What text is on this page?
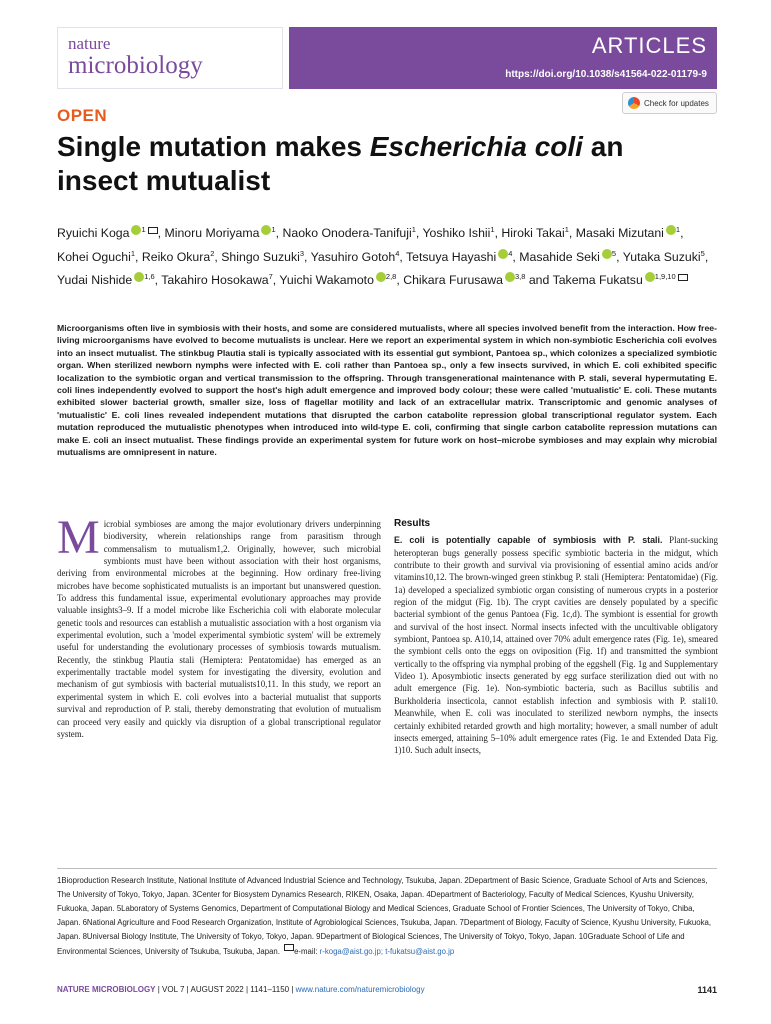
nature
microbiology
ARTICLES
https://doi.org/10.1038/s41564-022-01179-9
OPEN
Check for updates
Single mutation makes Escherichia coli an insect mutualist
Ryuichi Koga $^1$ , Minoru Moriyama $^1$, Naoko Onodera-Tanifuji$^1$, Yoshiko Ishii$^1$, Hiroki Takai$^1$, Masaki Mizutani $^1$, Kohei Oguchi$^1$, Reiko Okura$^2$, Shingo Suzuki$^3$, Yasuhiro Gotoh$^4$, Tetsuya Hayashi $^4$, Masahide Seki $^5$, Yutaka Suzuki$^5$, Yudai Nishide $^{1,6}$, Takahiro Hosokawa$^7$, Yuichi Wakamoto $^{2,8}$, Chikara Furusawa $^{3,8}$ and Takema Fukatsu $^{1,9,10}$
Microorganisms often live in symbiosis with their hosts, and some are considered mutualists, where all species involved benefit from the interaction. How free-living microorganisms have evolved to become mutualists is unclear. Here we report an experimental system in which non-symbiotic Escherichia coli evolves into an insect mutualist. The stinkbug Plautia stali is typically associated with its essential gut symbiont, Pantoea sp., which colonizes a specialized symbiotic organ. When sterilized newborn nymphs were infected with E. coli rather than Pantoea sp., only a few insects survived, in which E. coli exhibited specific localization to the symbiotic organ and vertical transmission to the offspring. Through transgenerational maintenance with P. stali, several hypermutating E. coli lines independently evolved to support the host's high adult emergence and improved body colour; these were called 'mutualistic' E. coli. These mutants exhibited slower bacterial growth, smaller size, loss of flagellar motility and lack of an extracellular matrix. Transcriptomic and genomic analyses of 'mutualistic' E. coli lines revealed independent mutations that disrupted the carbon catabolite repression global transcriptional regulator system. Each mutation reproduced the mutualistic phenotypes when introduced into wild-type E. coli, confirming that single carbon catabolite repression mutations can make E. coli an insect mutualist. These findings provide an experimental system for future work on host–microbe symbioses and may explain why microbial mutualisms are omnipresent in nature.
M icrobial symbioses are among the major evolutionary drivers underpinning biodiversity, wherein relationships range from parasitism through commensalism to mutualism1,2. Originally, however, such microbial symbionts must have been without association with their host organisms, deriving from environmental microbes at the beginning. How ordinary free-living microbes have become sophisticated mutualists is an important but unanswered question. To address this fundamental issue, experimental evolutionary approaches may provide valuable insights3–9. If a model microbe like Escherichia coli with elaborate molecular genetic tools and resources can establish a mutualistic association with a host organism via experimental evolution, such a 'model experimental symbiotic system' will be extremely useful for understanding the evolutionary processes of symbiosis towards mutualism. Recently, the stinkbug Plautia stali (Hemiptera: Pentatomidae) has emerged as an experimentally tractable model system for investigating the diversity, evolution and mechanism of gut symbiosis with bacterial mutualists10,11. In this study, we report an experimental system in which E. coli evolves into a bacterial mutualist that supports survival and reproduction of P. stali, thereby demonstrating that evolution of mutualism can proceed very easily and quickly via disruption of a global transcriptional regulator system.
Results
E. coli is potentially capable of symbiosis with P. stali. Plant-sucking heteropteran bugs generally possess specific symbiotic bacteria in the midgut, which contribute to their growth and survival via provisioning of essential amino acids and/or vitamins10,12. The brown-winged green stinkbug P. stali (Hemiptera: Pentatomidae) (Fig. 1a) developed a specialized symbiotic organ consisting of numerous crypts in a posterior region of the midgut (Fig. 1b). The crypt cavities are densely populated by a specific bacterial symbiont of the genus Pantoea (Fig. 1c,d). The symbiont is essential for growth and survival of the host insect. Normal insects infected with the uncultivable obligatory symbiont, Pantoea sp. A10,14, attained over 70% adult emergence rates (Fig. 1e), smeared the symbiont cells onto the eggs on oviposition (Fig. 1f) and transmitted the symbiont vertically to the offspring via nymphal probing of the eggshell (Fig. 1g and Supplementary Video 1). Aposymbiotic insects generated by egg surface sterilization died out with no adult emergence (Fig. 1e). Non-symbiotic bacteria, such as Bacillus subtilis and Burkholderia insecticola, cannot establish infection and symbiosis with P. stali10. Meanwhile, when E. coli was inoculated to sterilized newborn nymphs, the insects certainly exhibited retarded growth and high mortality; however, a small number of adult insects emerged, attaining 5–10% adult emergence rates (Fig. 1e and Extended Data Fig. 1)10. Such adult insects,
1Bioproduction Research Institute, National Institute of Advanced Industrial Science and Technology, Tsukuba, Japan. 2Department of Basic Science, Graduate School of Arts and Sciences, The University of Tokyo, Tokyo, Japan. 3Center for Biosystem Dynamics Research, RIKEN, Osaka, Japan. 4Department of Bacteriology, Faculty of Medical Sciences, Kyushu University, Fukuoka, Japan. 5Laboratory of Systems Genomics, Department of Computational Biology and Medical Sciences, Graduate School of Frontier Sciences, The University of Tokyo, Chiba, Japan. 6National Agriculture and Food Research Organization, Institute of Agrobiological Sciences, Tsukuba, Japan. 7Department of Biology, Faculty of Science, Kyushu University, Fukuoka, Japan. 8Universal Biology Institute, The University of Tokyo, Tokyo, Japan. 9Department of Biological Sciences, The University of Tokyo, Tokyo, Japan. 10Graduate School of Life and Environmental Sciences, University of Tsukuba, Tsukuba, Japan. e-mail: r-koga@aist.go.jp; t-fukatsu@aist.go.jp
NATURE MICROBIOLOGY | VOL 7 | AUGUST 2022 | 1141–1150 | www.nature.com/naturemicrobiology	1141
